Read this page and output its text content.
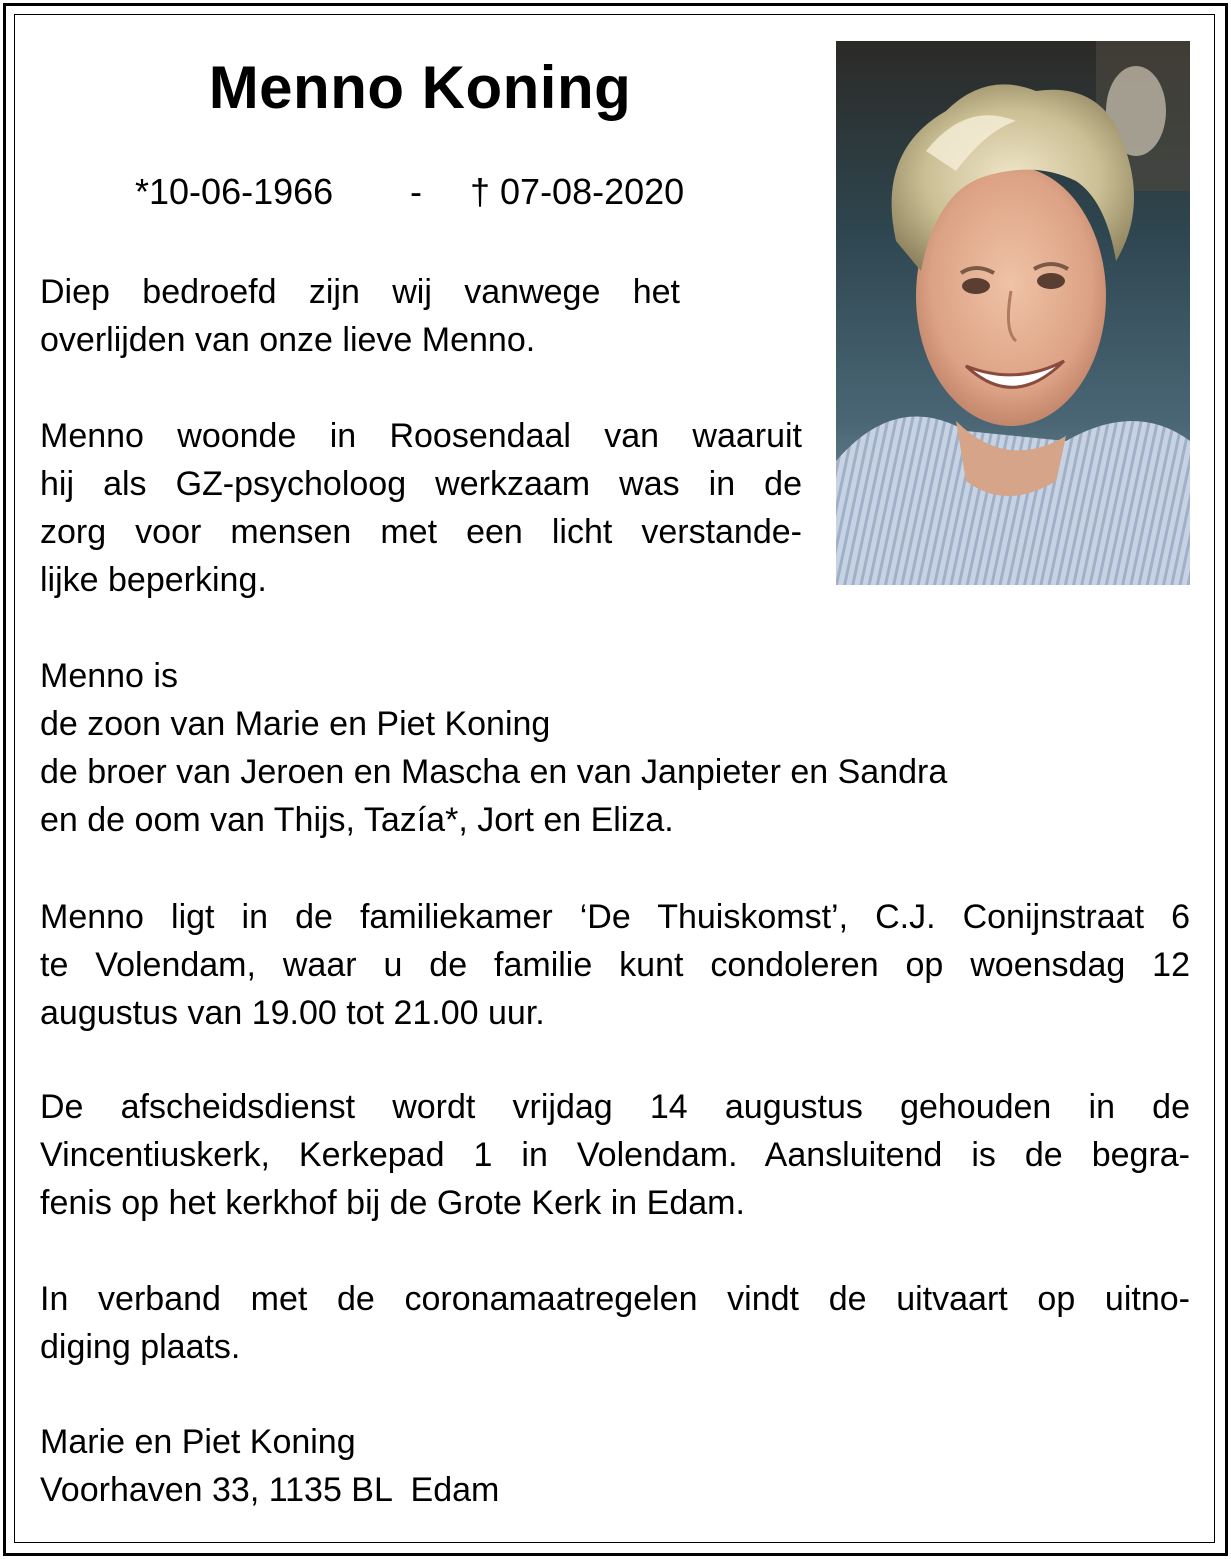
Menno Koning
*10-06-1966 - † 07-08-2020
Diep bedroefd zijn wij vanwege het
overlijden van onze lieve Menno.
Menno woonde in Roosendaal van waaruit
hij als GZ-psycholoog werkzaam was in de
zorg voor mensen met een licht verstande-
lijke beperking.
Menno is
de zoon van Marie en Piet Koning
de broer van Jeroen en Mascha en van Janpieter en Sandra
en de oom van Thijs, Tazía*, Jort en Eliza.
Menno ligt in de familiekamer ‘De Thuiskomst’, C.J. Conijnstraat 6
te Volendam, waar u de familie kunt condoleren op woensdag 12
augustus van 19.00 tot 21.00 uur.
De afscheidsdienst wordt vrijdag 14 augustus gehouden in de
Vincentiuskerk, Kerkepad 1 in Volendam. Aansluitend is de begra-
fenis op het kerkhof bij de Grote Kerk in Edam.
In verband met de coronamaatregelen vindt de uitvaart op uitno-
diging plaats.
Marie en Piet Koning
Voorhaven 33, 1135 BL  Edam
